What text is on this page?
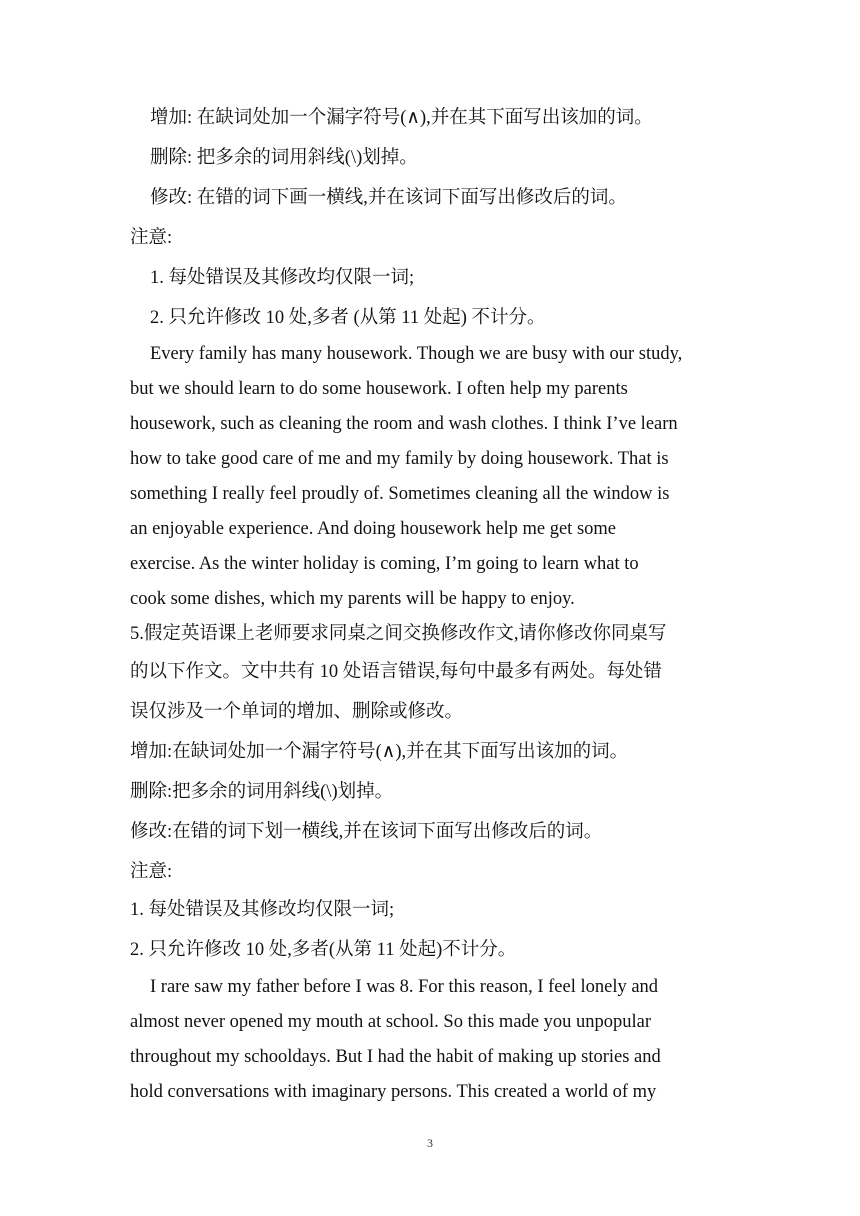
增加: 在缺词处加一个漏字符号(∧),并在其下面写出该加的词。
删除: 把多余的词用斜线(\)划掉。
修改: 在错的词下画一横线,并在该词下面写出修改后的词。
注意:
1. 每处错误及其修改均仅限一词;
2. 只允许修改 10 处,多者 (从第 11 处起) 不计分。
Every family has many housework. Though we are busy with our study,
but we should learn to do some housework. I often help my parents
housework, such as cleaning the room and wash clothes. I think I’ve learn
how to take good care of me and my family by doing housework. That is
something I really feel proudly of. Sometimes cleaning all the window is
an enjoyable experience. And doing housework help me get some
exercise. As the winter holiday is coming, I’m going to learn what to
cook some dishes, which my parents will be happy to enjoy.
5.假定英语课上老师要求同桌之间交换修改作文,请你修改你同桌写
的以下作文。文中共有 10 处语言错误,每句中最多有两处。每处错
误仅涉及一个单词的增加、删除或修改。
增加:在缺词处加一个漏字符号(∧),并在其下面写出该加的词。
删除:把多余的词用斜线(\)划掉。
修改:在错的词下划一横线,并在该词下面写出修改后的词。
注意:
1. 每处错误及其修改均仅限一词;
2. 只允许修改 10 处,多者(从第 11 处起)不计分。
I rare saw my father before I was 8. For this reason, I feel lonely and
almost never opened my mouth at school. So this made you unpopular
throughout my schooldays. But I had the habit of making up stories and
hold conversations with imaginary persons. This created a world of my
3
